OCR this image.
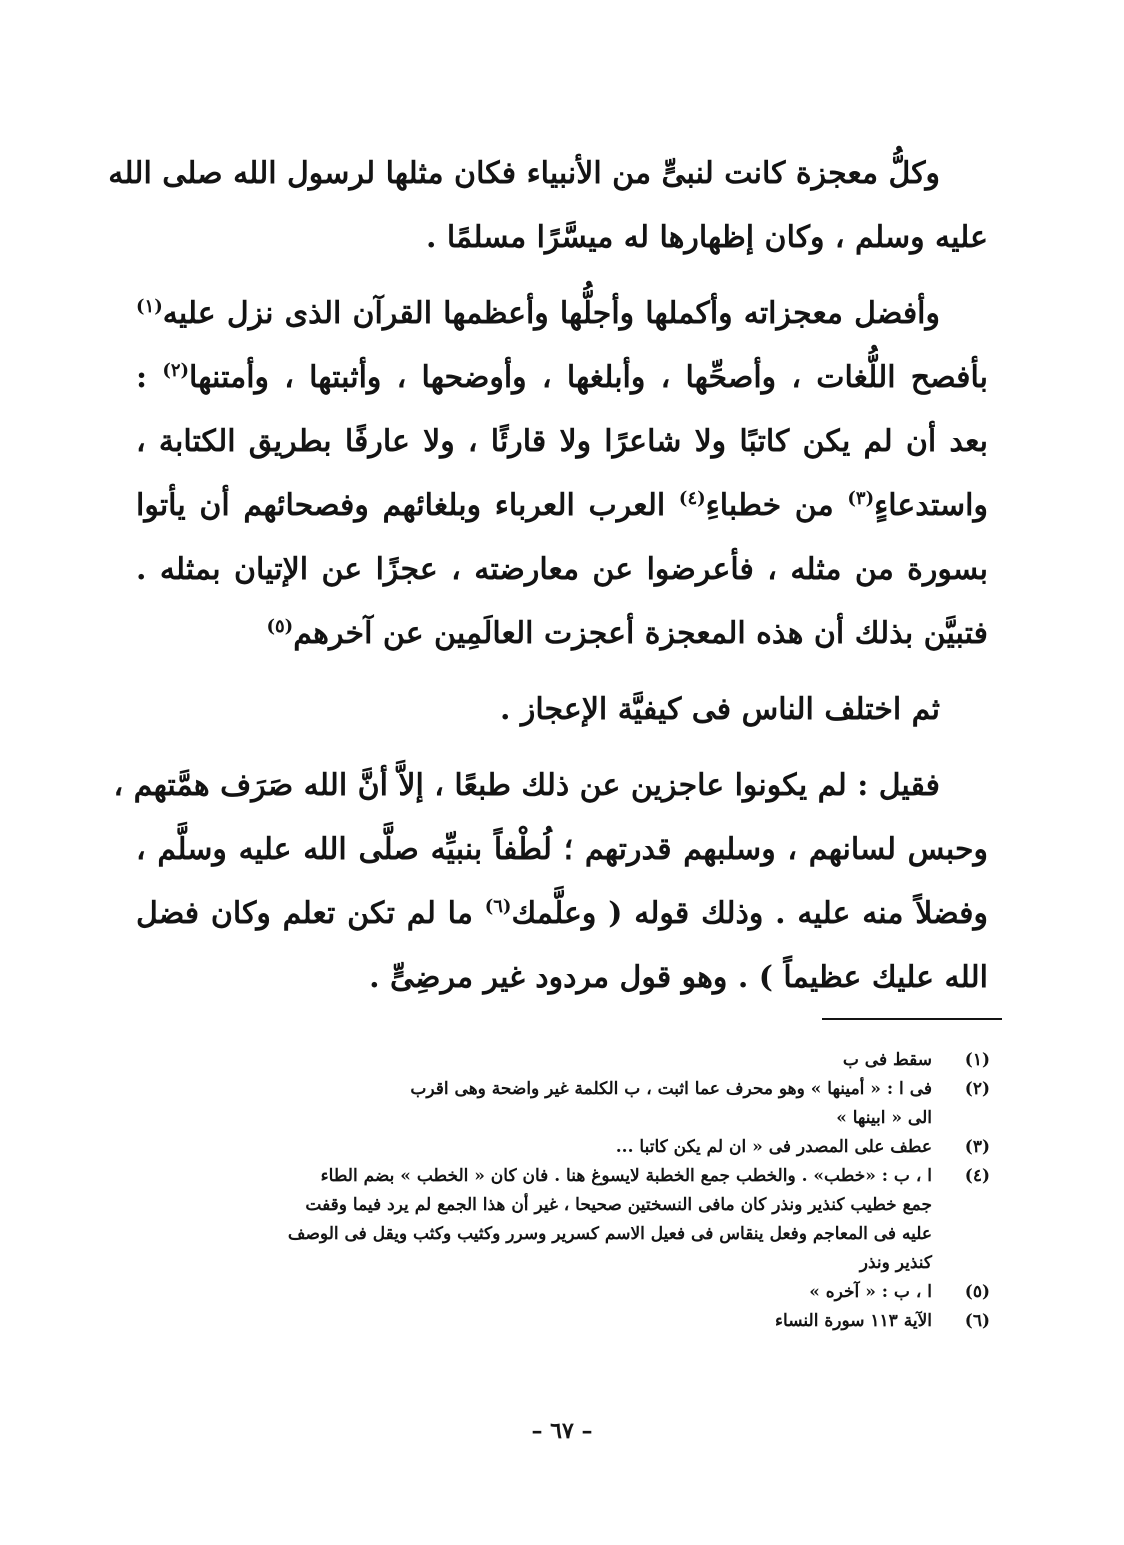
وكلُّ معجزة كانت لنبىٍّ من الأنبياء فكان مثلها لرسول الله صلى الله
عليه وسلم ، وكان إظهارها له ميسَّرًا مسلمًا .

وأفضل معجزاته وأكملها وأجلُّها وأعظمها القرآن الذى نزل عليه$^{(١)}$
بأفصح اللُّغات ، وأصحِّها ، وأبلغها ، وأوضحها ، وأثبتها ، وأمتنها$^{(٢)}$ :
بعد أن لم يكن كاتبًا ولا شاعرًا ولا قارئًا ، ولا عارفًا بطريق الكتابة ،
واستدعاءٍ$^{(٣)}$ من خطباءِ$^{(٤)}$ العرب العرباء وبلغائهم وفصحائهم أن يأتوا
بسورة من مثله ، فأعرضوا عن معارضته ، عجزًا عن الإتيان بمثله .
فتبيَّن بذلك أن هذه المعجزة أعجزت العالَمِين عن آخرهم$^{(٥)}$

ثم اختلف الناس فى كيفيَّة الإعجاز .

فقيل : لم يكونوا عاجزين عن ذلك طبعًا ، إلاَّ أنَّ الله صَرَف همَّتهم ،
وحبس لسانهم ، وسلبهم قدرتهم ؛ لُطْفاً بنبيِّه صلَّى الله عليه وسلَّم ،
وفضلاً منه عليه . وذلك قوله ( وعلَّمك$^{(٦)}$ ما لم تكن تعلم وكان فضل
الله عليك عظيماً ) . وهو قول مردود غير مرضِىٍّ .

(١)
سقط فى ب
(٢)
فى ا : « أمينها » وهو محرف عما اثبت ، ب الكلمة غير واضحة وهى اقرب
الى « ابينها »
(٣)
عطف على المصدر فى « ان لم يكن كاتبا ...
(٤)
ا ، ب : «خطب» . والخطب جمع الخطبة لايسوغ هنا . فان كان « الخطب » بضم الطاء
جمع خطيب كنذير ونذر كان مافى النسختين صحيحا ، غير أن هذا الجمع لم يرد فيما وقفت
عليه فى المعاجم وفعل ينقاس فى فعيل الاسم كسرير وسرر وكثيب وكثب ويقل فى الوصف
كنذير ونذر
(٥)
ا ، ب : « آخره »
(٦)
الآية ١١٣ سورة النساء
– ٦٧ –
